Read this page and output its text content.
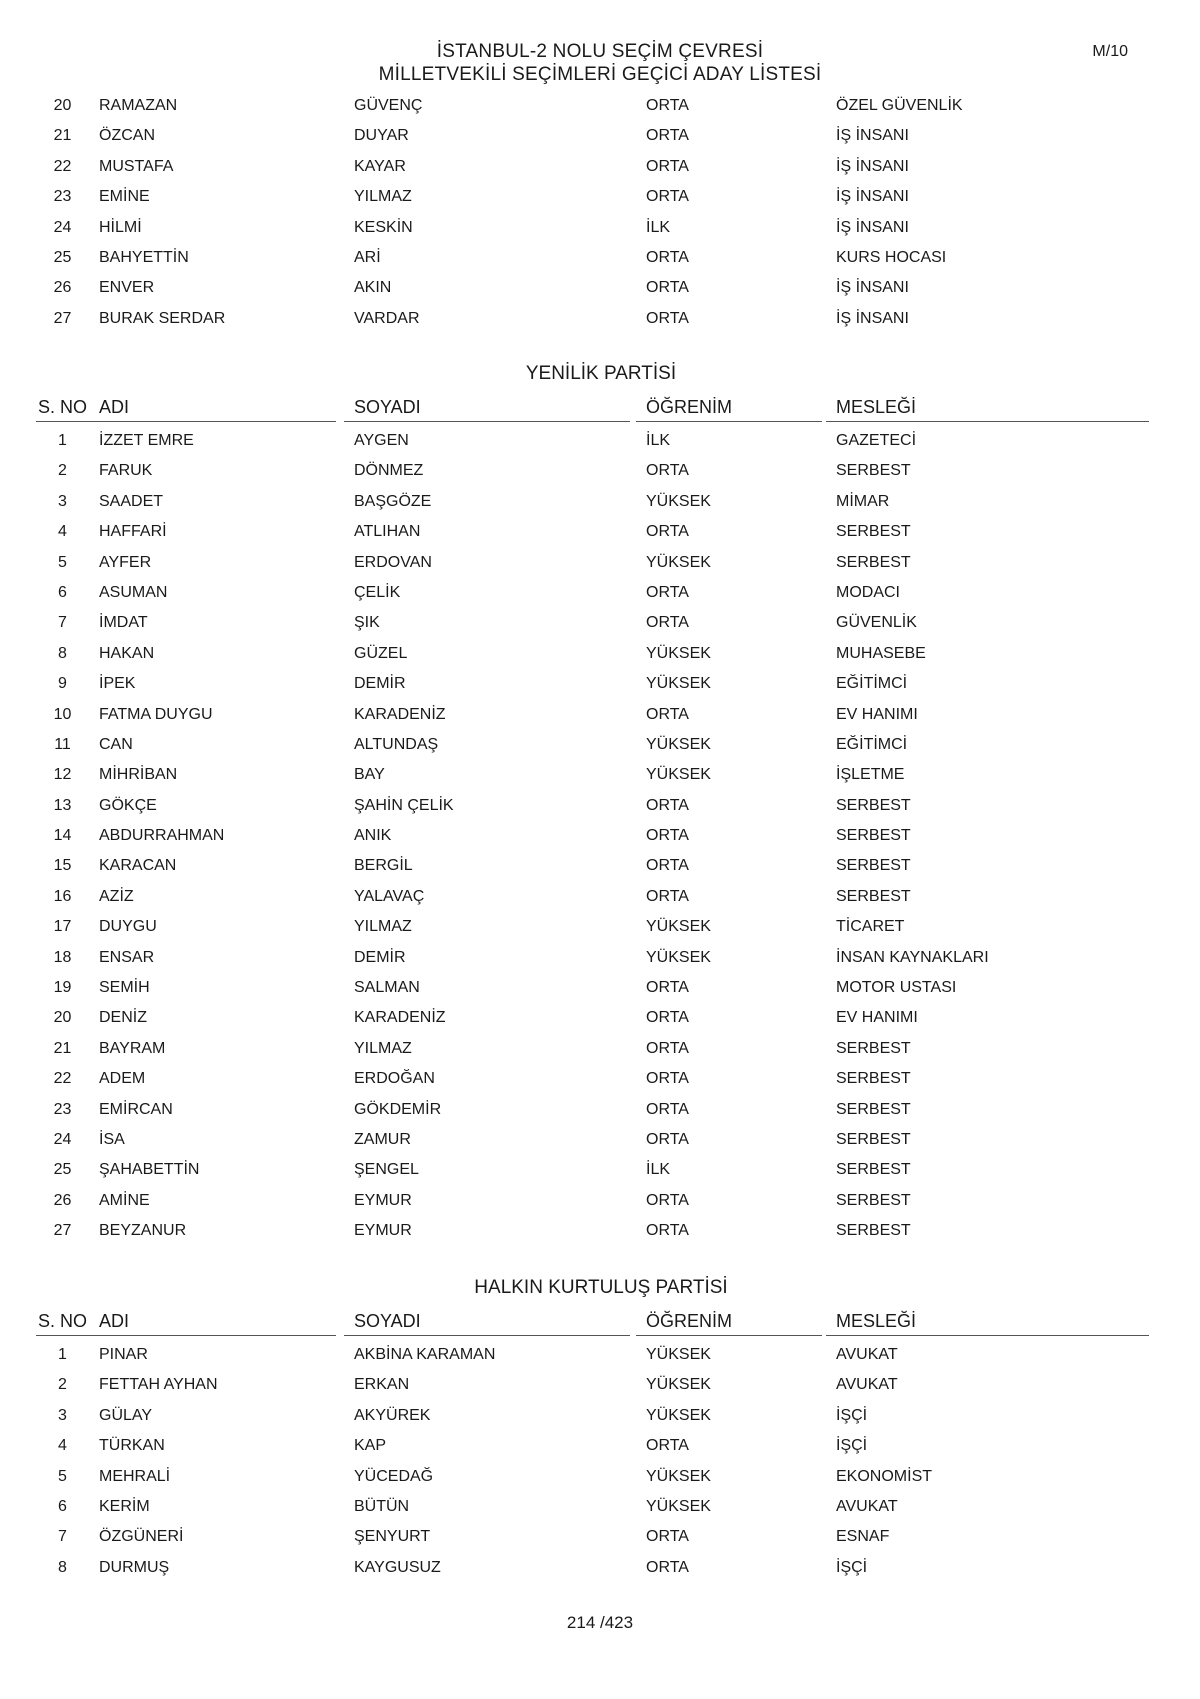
İSTANBUL-2 NOLU SEÇİM ÇEVRESİ
MİLLETVEKİLİ SEÇİMLERİ GEÇİCİ ADAY LİSTESİ
M/10
20	RAMAZAN	GÜVENÇ	ORTA	ÖZEL GÜVENLİK
21	ÖZCAN	DUYAR	ORTA	İŞ İNSANI
22	MUSTAFA	KAYAR	ORTA	İŞ İNSANI
23	EMİNE	YILMAZ	ORTA	İŞ İNSANI
24	HİLMİ	KESKİN	İLK	İŞ İNSANI
25	BAHYETTİN	ARİ	ORTA	KURS HOCASI
26	ENVER	AKIN	ORTA	İŞ İNSANI
27	BURAK SERDAR	VARDAR	ORTA	İŞ İNSANI
YENİLİK PARTİSİ
S. NO ADI	SOYADI	ÖĞRENİM	MESLEĞİ
1	İZZET EMRE	AYGEN	İLK	GAZETECİ
2	FARUK	DÖNMEZ	ORTA	SERBEST
3	SAADET	BAŞGÖZE	YÜKSEK	MİMAR
4	HAFFARİ	ATLIHAN	ORTA	SERBEST
5	AYFER	ERDOVAN	YÜKSEK	SERBEST
6	ASUMAN	ÇELİK	ORTA	MODACI
7	İMDAT	ŞIK	ORTA	GÜVENLİK
8	HAKAN	GÜZEL	YÜKSEK	MUHASEBE
9	İPEK	DEMİR	YÜKSEK	EĞİTİMCİ
10	FATMA DUYGU	KARADENİZ	ORTA	EV HANIMI
11	CAN	ALTUNDAŞ	YÜKSEK	EĞİTİMCİ
12	MİHRİBAN	BAY	YÜKSEK	İŞLETME
13	GÖKÇE	ŞAHİN ÇELİK	ORTA	SERBEST
14	ABDURRAHMAN	ANIK	ORTA	SERBEST
15	KARACAN	BERGİL	ORTA	SERBEST
16	AZİZ	YALAVAÇ	ORTA	SERBEST
17	DUYGU	YILMAZ	YÜKSEK	TİCARET
18	ENSAR	DEMİR	YÜKSEK	İNSAN KAYNAKLARI
19	SEMİH	SALMAN	ORTA	MOTOR USTASI
20	DENİZ	KARADENİZ	ORTA	EV HANIMI
21	BAYRAM	YILMAZ	ORTA	SERBEST
22	ADEM	ERDOĞAN	ORTA	SERBEST
23	EMİRCAN	GÖKDEMİR	ORTA	SERBEST
24	İSA	ZAMUR	ORTA	SERBEST
25	ŞAHABETTİN	ŞENGEL	İLK	SERBEST
26	AMİNE	EYMUR	ORTA	SERBEST
27	BEYZANUR	EYMUR	ORTA	SERBEST
HALKIN KURTULUŞ PARTİSİ
S. NO ADI	SOYADI	ÖĞRENİM	MESLEĞİ
1	PINAR	AKBİNA KARAMAN	YÜKSEK	AVUKAT
2	FETTAH AYHAN	ERKAN	YÜKSEK	AVUKAT
3	GÜLAY	AKYÜREK	YÜKSEK	İŞÇİ
4	TÜRKAN	KAP	ORTA	İŞÇİ
5	MEHRALİ	YÜCEDAĞ	YÜKSEK	EKONOMİST
6	KERİM	BÜTÜN	YÜKSEK	AVUKAT
7	ÖZGÜNERİ	ŞENYURT	ORTA	ESNAF
8	DURMUŞ	KAYGUSUZ	ORTA	İŞÇİ
214 /423
